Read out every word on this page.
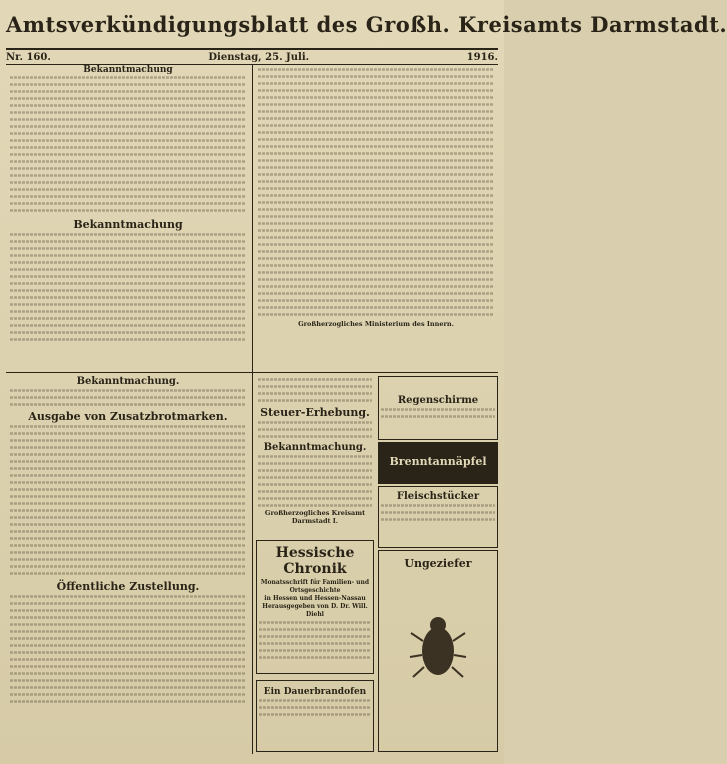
Amtsverkündigungsblatt des Großh. Kreisamts Darmstadt.
Nr. 160.	Dienstag, 25. Juli.	1916.
Bekanntmachung
Bekanntmachung
Großherzogliches Ministerium des Innern.
Bekanntmachung.
Ausgabe von Zusatzbrotmarken.
Öffentliche Zustellung.
Steuer-Erhebung.
Bekanntmachung.
Großherzogliches Kreisamt Darmstadt I.
Hessische Chronik
Monatsschrift für Familien- und Ortsgeschichte
in Hessen und Hessen-Nassau
Herausgegeben von D. Dr. Will. Diehl
Ein Dauerbrandofen
Regenschirme
Brenntannäpfel
Fleischstücker
Ungeziefer
